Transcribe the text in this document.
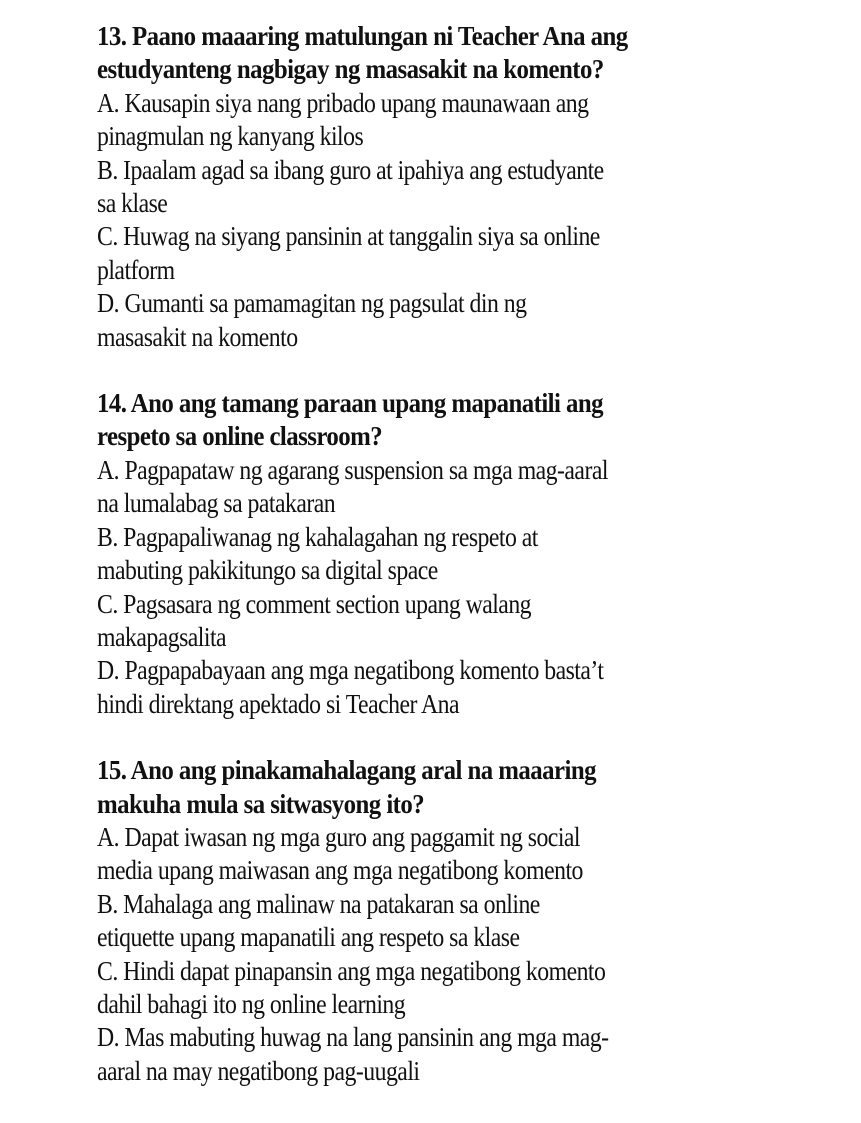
13. Paano maaaring matulungan ni Teacher Ana ang
estudyanteng nagbigay ng masasakit na komento?
A. Kausapin siya nang pribado upang maunawaan ang
pinagmulan ng kanyang kilos
B. Ipaalam agad sa ibang guro at ipahiya ang estudyante
sa klase
C. Huwag na siyang pansinin at tanggalin siya sa online
platform
D. Gumanti sa pamamagitan ng pagsulat din ng
masasakit na komento
14. Ano ang tamang paraan upang mapanatili ang
respeto sa online classroom?
A. Pagpapataw ng agarang suspension sa mga mag-aaral
na lumalabag sa patakaran
B. Pagpapaliwanag ng kahalagahan ng respeto at
mabuting pakikitungo sa digital space
C. Pagsasara ng comment section upang walang
makapagsalita
D. Pagpapabayaan ang mga negatibong komento basta’t
hindi direktang apektado si Teacher Ana
15. Ano ang pinakamahalagang aral na maaaring
makuha mula sa sitwasyong ito?
A. Dapat iwasan ng mga guro ang paggamit ng social
media upang maiwasan ang mga negatibong komento
B. Mahalaga ang malinaw na patakaran sa online
etiquette upang mapanatili ang respeto sa klase
C. Hindi dapat pinapansin ang mga negatibong komento
dahil bahagi ito ng online learning
D. Mas mabuting huwag na lang pansinin ang mga mag-
aaral na may negatibong pag-uugali
